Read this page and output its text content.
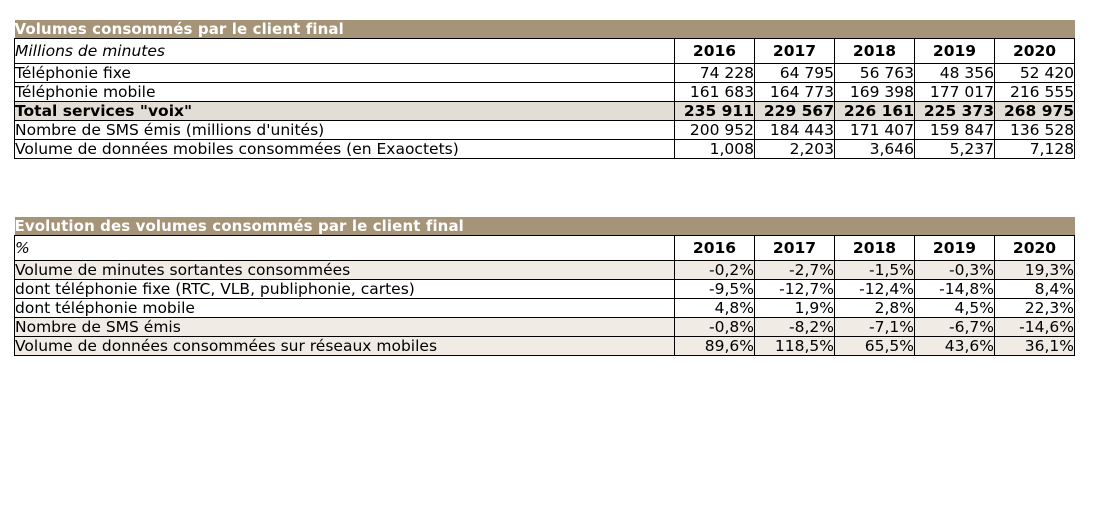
Volumes consommés par le client final					
Millions de minutes	2016	2017	2018	2019	2020
Téléphonie fixe	74 228	64 795	56 763	48 356	52 420
Téléphonie mobile	161 683	164 773	169 398	177 017	216 555
Total services "voix"	235 911	229 567	226 161	225 373	268 975
Nombre de SMS émis (millions d'unités)	200 952	184 443	171 407	159 847	136 528
Volume de données mobiles consommées (en Exaoctets)	1,008	2,203	3,646	5,237	7,128
Evolution des volumes consommés par le client final					
%	2016	2017	2018	2019	2020
Volume de minutes sortantes consommées	-0,2%	-2,7%	-1,5%	-0,3%	19,3%
dont téléphonie fixe (RTC, VLB, publiphonie, cartes)	-9,5%	-12,7%	-12,4%	-14,8%	8,4%
dont téléphonie mobile	4,8%	1,9%	2,8%	4,5%	22,3%
Nombre de SMS émis	-0,8%	-8,2%	-7,1%	-6,7%	-14,6%
Volume de données consommées sur réseaux mobiles	89,6%	118,5%	65,5%	43,6%	36,1%
